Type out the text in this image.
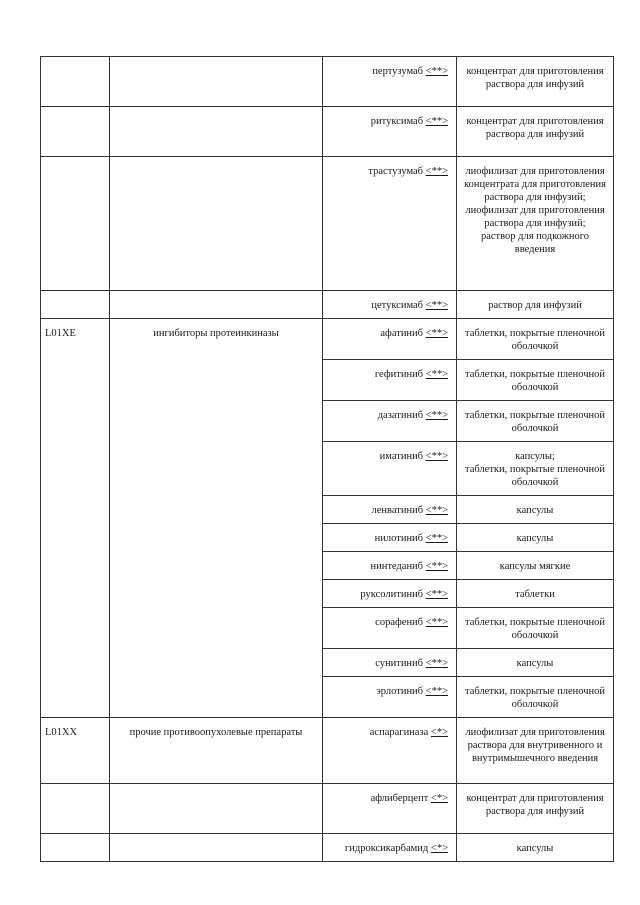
		пертузумаб <**>	концентрат для приготовления раствора для инфузий

		ритуксимаб <**>	концентрат для приготовления раствора для инфузий

		трастузумаб <**>	лиофилизат для приготовления концентрата для приготовления раствора для инфузий;
лиофилизат для приготовления раствора для инфузий;
раствор для подкожного введения

		цетуксимаб <**>	раствор для инфузий

L01XE	ингибиторы протеинкиназы	афатиниб <**>	таблетки, покрытые пленочной оболочкой

		гефитиниб <**>	таблетки, покрытые пленочной оболочкой

		дазатиниб <**>	таблетки, покрытые пленочной оболочкой

		иматиниб <**>	капсулы;
таблетки, покрытые пленочной оболочкой

		ленватиниб <**>	капсулы

		нилотиниб <**>	капсулы

		нинтеданиб <**>	капсулы мягкие

		руксолитиниб <**>	таблетки

		сорафениб <**>	таблетки, покрытые пленочной оболочкой

		сунитиниб <**>	капсулы

		эрлотиниб <**>	таблетки, покрытые пленочной оболочкой

L01XX	прочие противоопухолевые препараты	аспарагиназа <*>	лиофилизат для приготовления раствора для внутривенного и внутримышечного введения

		афлиберцепт <*>	концентрат для приготовления раствора для инфузий

		гидроксикарбамид <*>	капсулы
